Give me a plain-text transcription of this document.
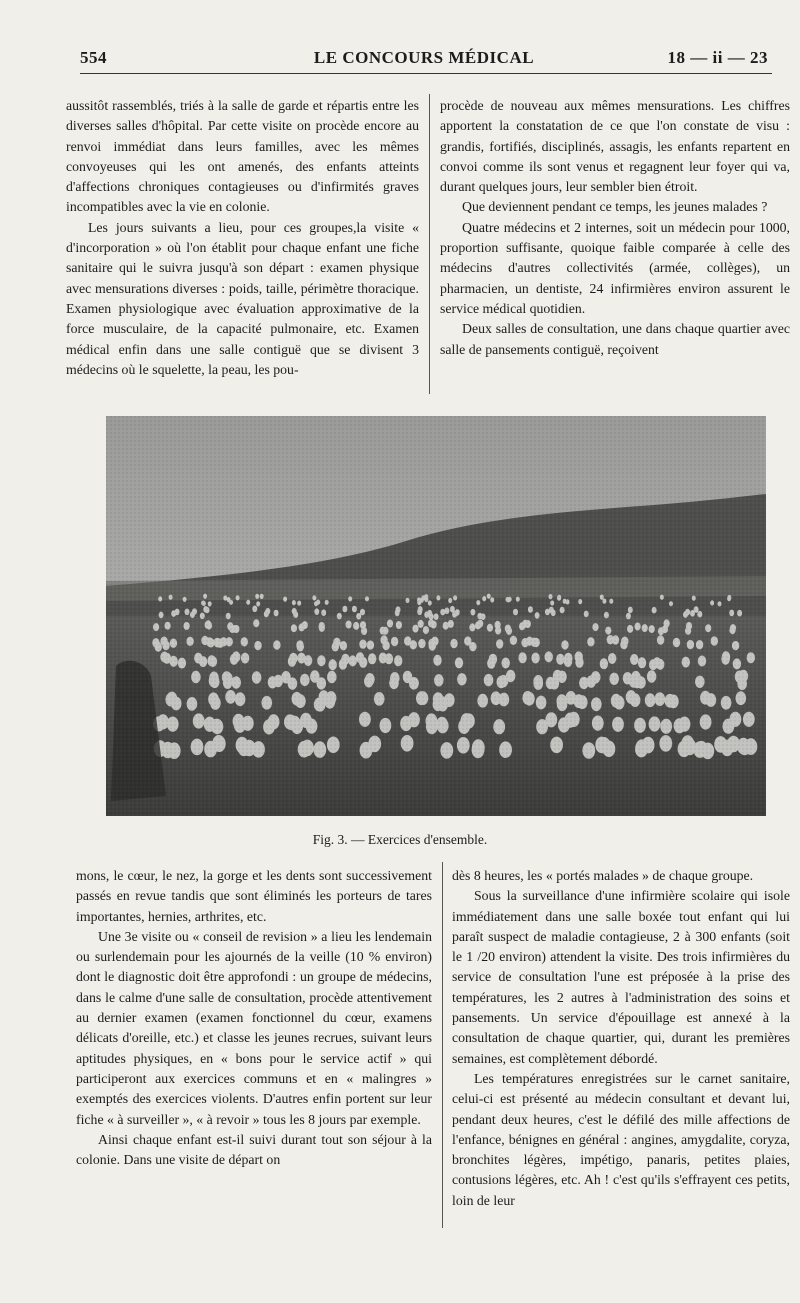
554	LE CONCOURS MÉDICAL	18 — ii — 23

aussitôt rassemblés, triés à la salle de garde et répartis entre les diverses salles d'hôpital. Par cette visite on procède encore au renvoi immédiat dans leurs familles, avec les mêmes convoyeuses qui les ont amenés, des enfants atteints d'affections chroniques contagieuses ou d'infirmités graves incompatibles avec la vie en colonie.

Les jours suivants a lieu, pour ces groupes,la visite « d'incorporation » où l'on établit pour chaque enfant une fiche sanitaire qui le suivra jusqu'à son départ : examen physique avec mensurations diverses : poids, taille, périmètre thoracique. Examen physiologique avec évaluation approximative de la force musculaire, de la capacité pulmonaire, etc. Examen médical enfin dans une salle contiguë que se divisent 3 médecins où le squelette, la peau, les pou-

procède de nouveau aux mêmes mensurations. Les chiffres apportent la constatation de ce que l'on constate de visu : grandis, fortifiés, disciplinés, assagis, les enfants repartent en convoi comme ils sont venus et regagnent leur foyer qui va, durant quelques jours, leur sembler bien étroit.

Que deviennent pendant ce temps, les jeunes malades ?

Quatre médecins et 2 internes, soit un médecin pour 1000, proportion suffisante, quoique faible comparée à celle des médecins d'autres collectivités (armée, collèges), un pharmacien, un dentiste, 24 infirmières environ assurent le service médical quotidien.

Deux salles de consultation, une dans chaque quartier avec salle de pansements contiguë, reçoivent

Fig. 3. — Exercices d'ensemble.

mons, le cœur, le nez, la gorge et les dents sont successivement passés en revue tandis que sont éliminés les porteurs de tares importantes, hernies, arthrites, etc.

Une 3e visite ou « conseil de revision » a lieu les lendemain ou surlendemain pour les ajournés de la veille (10 % environ) dont le diagnostic doit être approfondi : un groupe de médecins, dans le calme d'une salle de consultation, procède attentivement au dernier examen (examen fonctionnel du cœur, examens délicats d'oreille, etc.) et classe les jeunes recrues, suivant leurs aptitudes physiques, en « bons pour le service actif » qui participeront aux exercices communs et en « malingres » exemptés des exercices violents. D'autres enfin portent sur leur fiche « à surveiller », « à revoir » tous les 8 jours par exemple.

Ainsi chaque enfant est-il suivi durant tout son séjour à la colonie. Dans une visite de départ on

dès 8 heures, les « portés malades » de chaque groupe.

Sous la surveillance d'une infirmière scolaire qui isole immédiatement dans une salle boxée tout enfant qui lui paraît suspect de maladie contagieuse, 2 à 300 enfants (soit le 1 /20 environ) attendent la visite. Des trois infirmières du service de consultation l'une est préposée à la prise des températures, les 2 autres à l'administration des soins et pansements. Un service d'épouillage est annexé à la consultation de chaque quartier, qui, durant les premières semaines, est complètement débordé.

Les températures enregistrées sur le carnet sanitaire, celui-ci est présenté au médecin consultant et devant lui, pendant deux heures, c'est le défilé des mille affections de l'enfance, bénignes en général : angines, amygdalite, coryza, bronchites légères, impétigo, panaris, petites plaies, contusions légères, etc. Ah ! c'est qu'ils s'effrayent ces petits, loin de leur
